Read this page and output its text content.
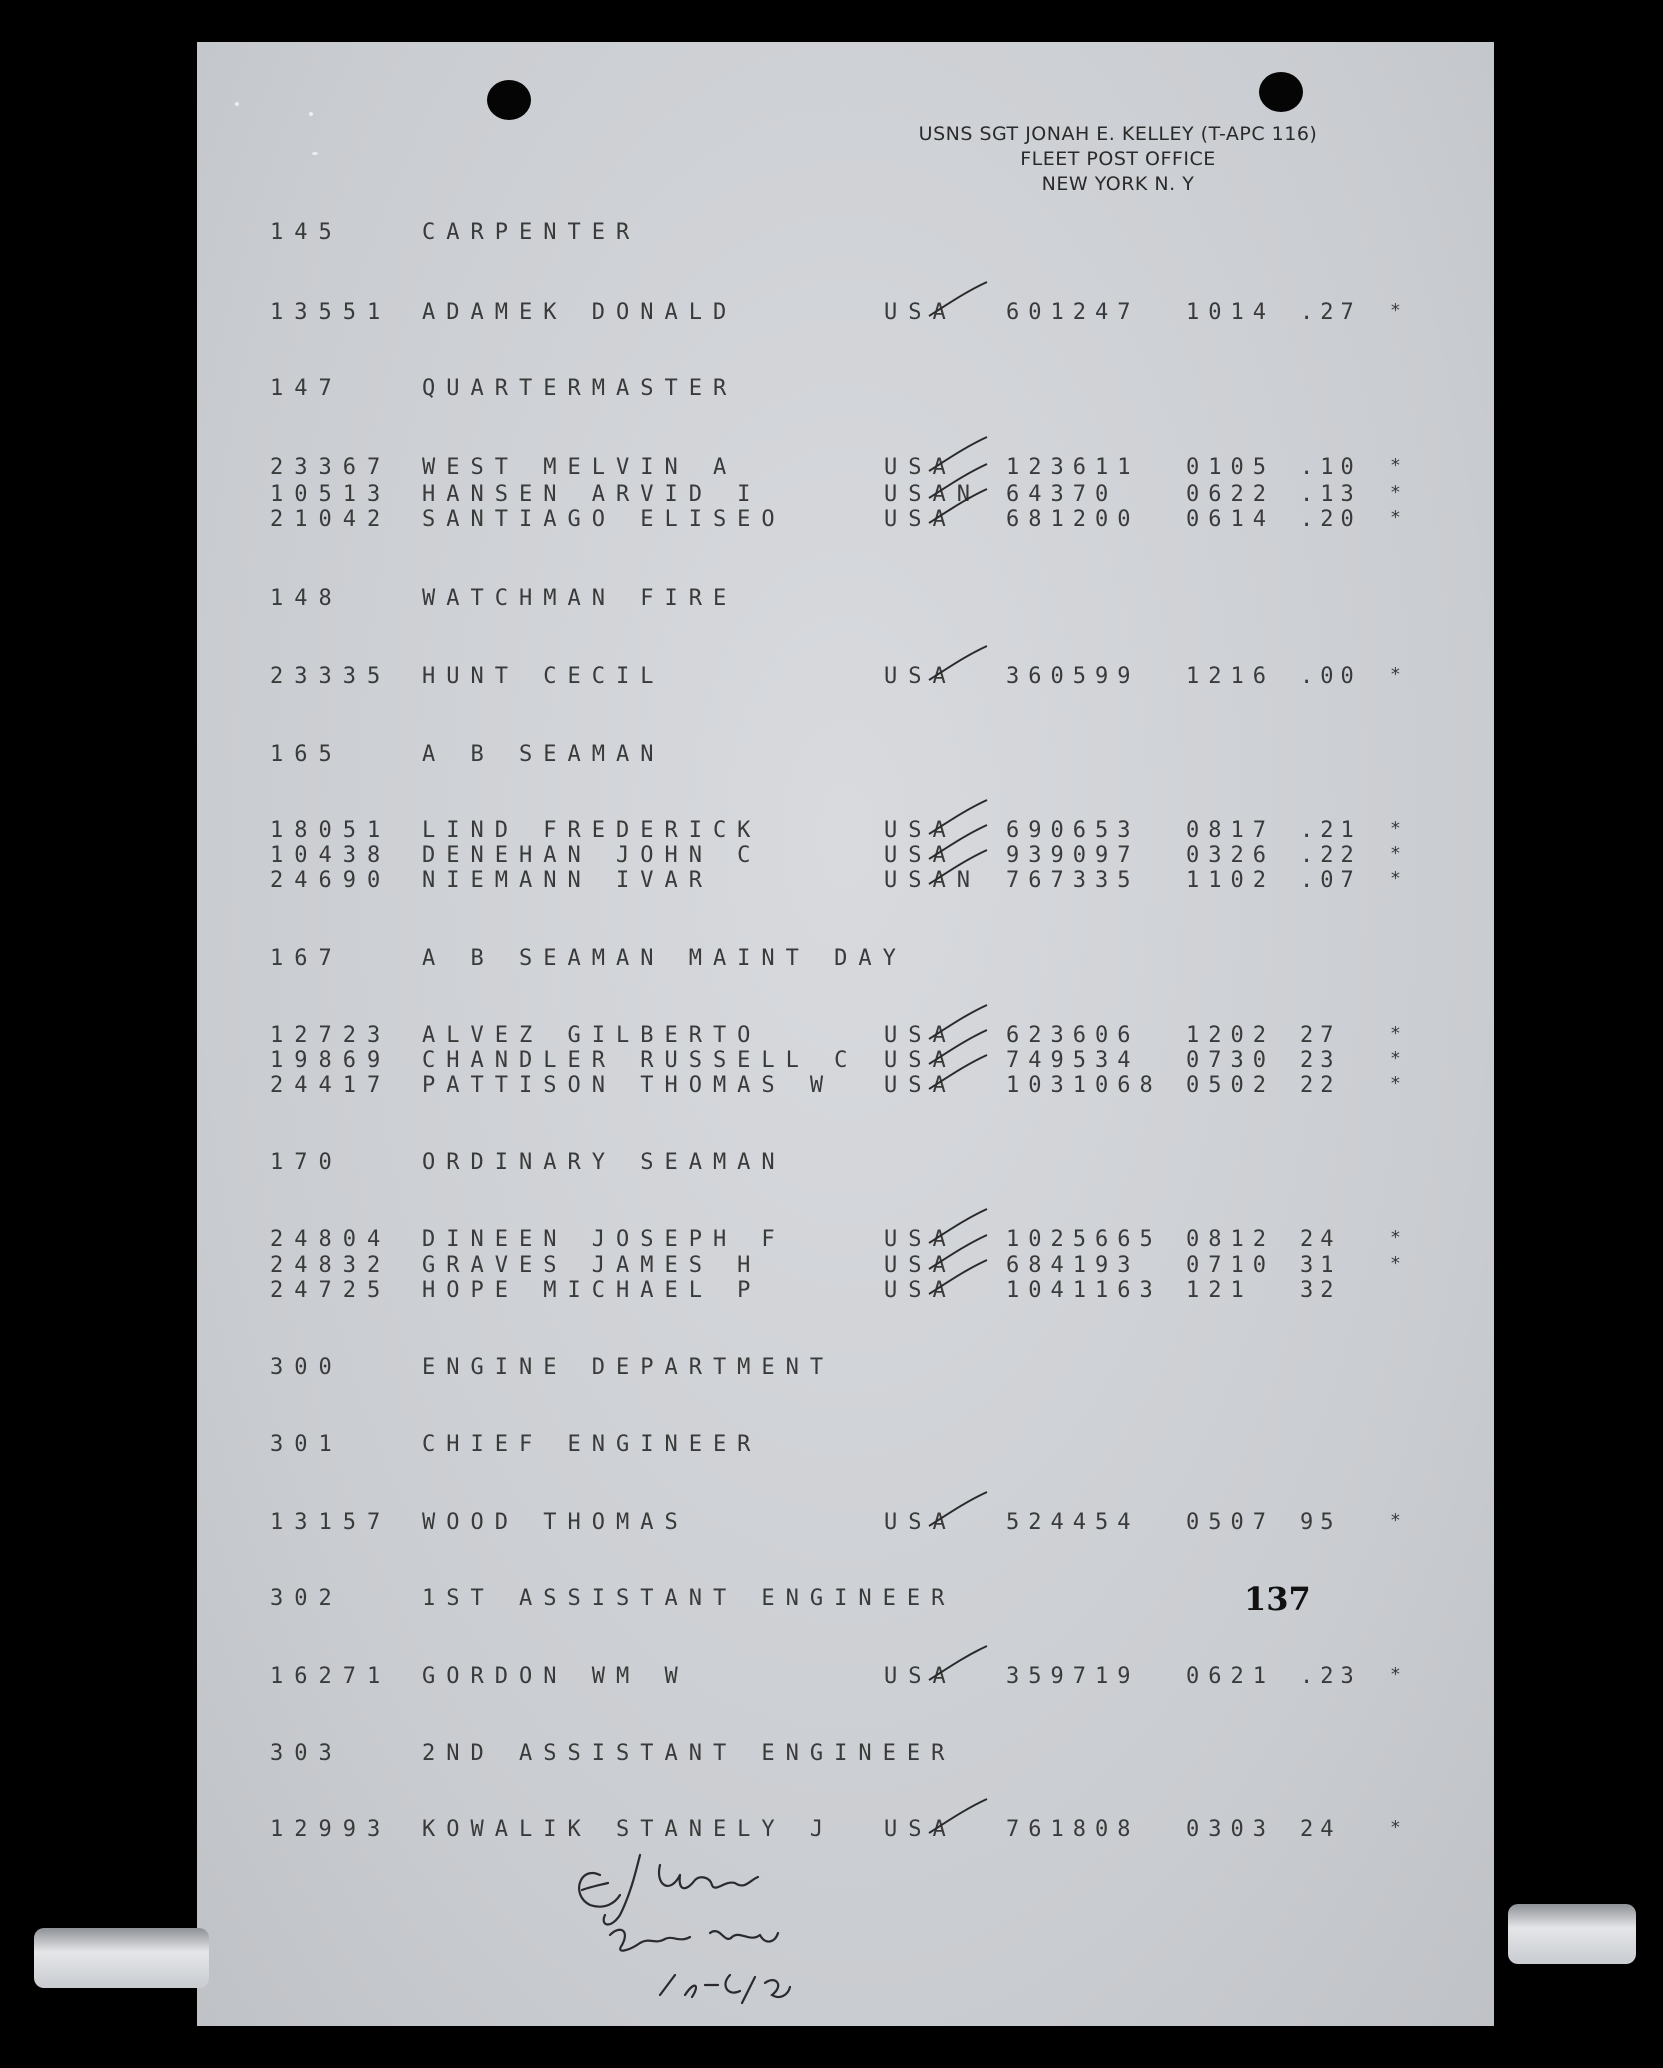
USNS SGT JONAH E. KELLEY (T-APC 116)
FLEET POST OFFICE
NEW YORK N. Y
145	CARPENTER
13551 ADAMEK DONALD	USA 601247 1014 .27 *
147	QUARTERMASTER
23367 WEST MELVIN A	USA 123611 0105 .10 *
10513 HANSEN ARVID I	USAN 64370	0622 .13 *
21042 SANTIAGO ELISEO	USA 681200 0614 .20 *
148	WATCHMAN FIRE
23335 HUNT CECIL	USA 360599 1216 .00 *
165	A B SEAMAN
18051 LIND FREDERICK	USA 690653 0817 .21 *
10438 DENEHAN JOHN C	USA 939097 0326 .22 *
24690 NIEMANN IVAR	USAN 767335 1102 .07 *
167	A B SEAMAN MAINT DAY
12723 ALVEZ GILBERTO	USA 623606 1202 27	*
19869 CHANDLER RUSSELL C USA 749534 0730 23	*
24417 PATTISON THOMAS W USA 1031068 0502 22	*
170	ORDINARY SEAMAN
24804 DINEEN JOSEPH F	USA 1025665 0812 24	*
24832 GRAVES JAMES H	USA 684193 0710 31	*
24725 HOPE MICHAEL P	USA 1041163 121 32
300	ENGINE DEPARTMENT
301	CHIEF ENGINEER
13157 WOOD THOMAS	USA 524454 0507 95	*
302	1ST ASSISTANT ENGINEER
16271 GORDON WM W	USA 359719 0621 .23 *
303	2ND ASSISTANT ENGINEER
12993 KOWALIK STANELY J USA 761808 0303 24	*
137
E J Urban
Imm. Insp.
12/10/54
